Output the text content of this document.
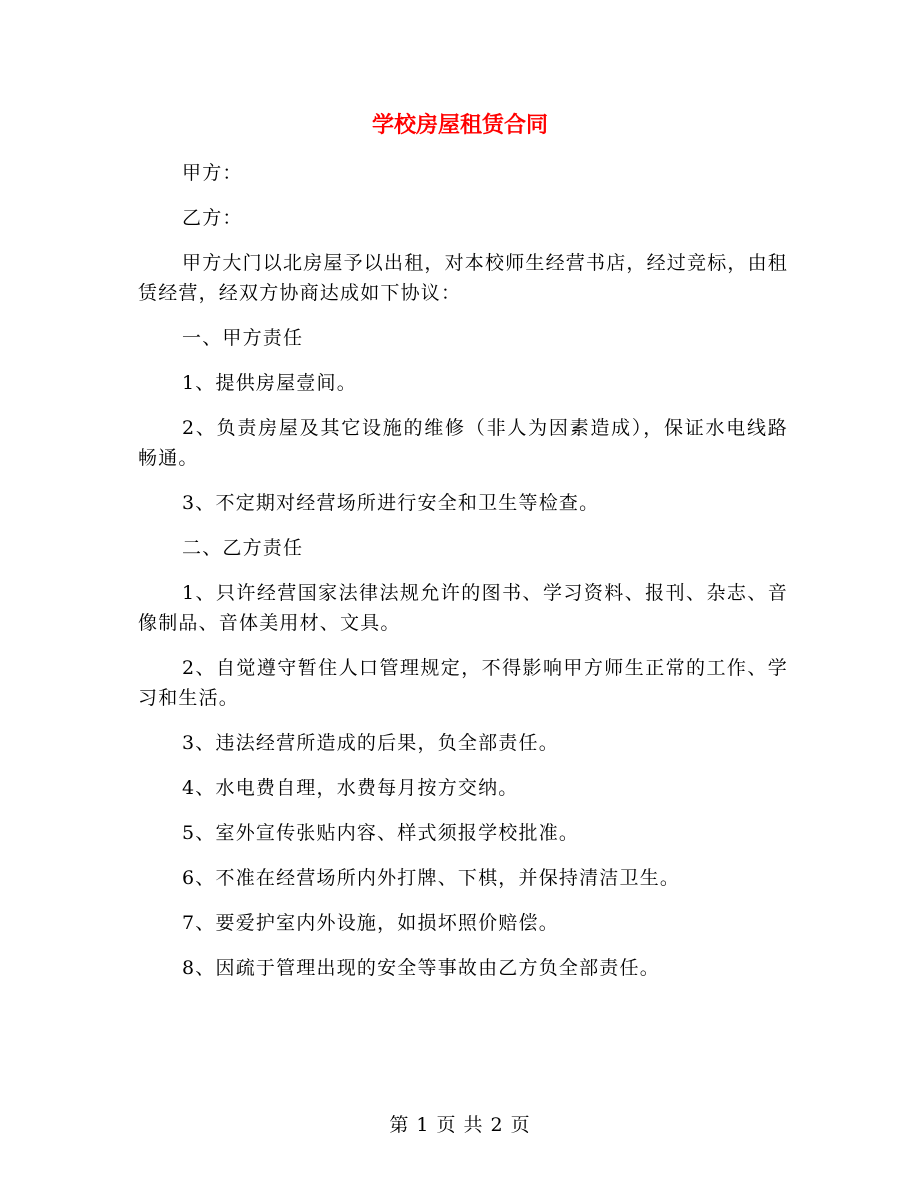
学校房屋租赁合同

甲方：

乙方：

甲方大门以北房屋予以出租，对本校师生经营书店，经过竞标，由租赁经营，经双方协商达成如下协议：

一、甲方责任

1、提供房屋壹间。

2、负责房屋及其它设施的维修（非人为因素造成），保证水电线路畅通。

3、不定期对经营场所进行安全和卫生等检查。

二、乙方责任

1、只许经营国家法律法规允许的图书、学习资料、报刊、杂志、音像制品、音体美用材、文具。

2、自觉遵守暂住人口管理规定，不得影响甲方师生正常的工作、学习和生活。

3、违法经营所造成的后果，负全部责任。

4、水电费自理，水费每月按方交纳。

5、室外宣传张贴内容、样式须报学校批准。

6、不准在经营场所内外打牌、下棋，并保持清洁卫生。

7、要爱护室内外设施，如损坏照价赔偿。

8、因疏于管理出现的安全等事故由乙方负全部责任。

第 1 页 共 2 页
